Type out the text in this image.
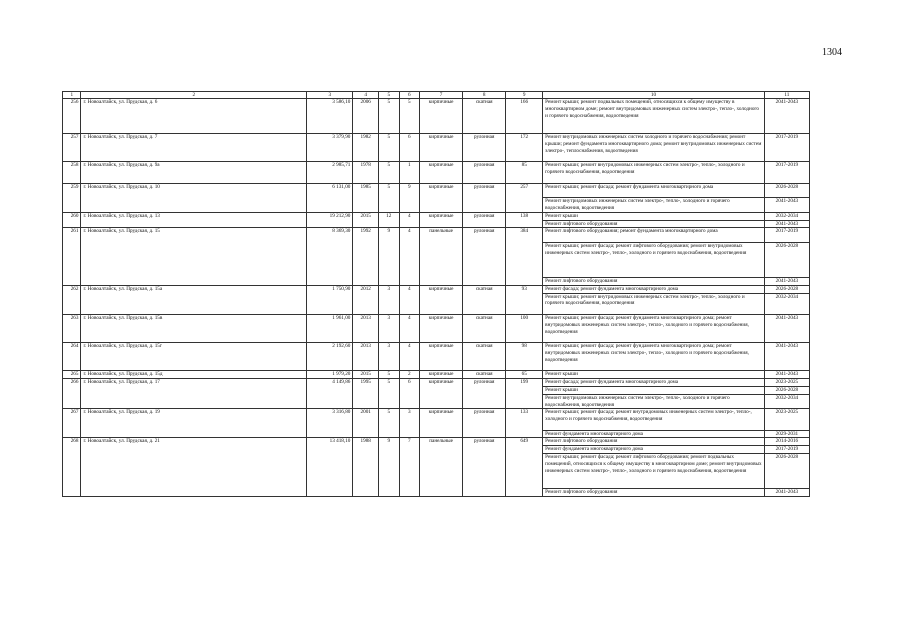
1304
1	2	3	4	5	6	7	8	9	10	11
256	г. Новоалтайск, ул. Прудская, д. 6	3 586,10	2006	5	5	кирпичные	скатная	166	Ремонт крыши; ремонт подвальных помещений, относящихся к общему имуществу в многоквартирном доме; ремонт внутридомовых инженерных систем электро-, тепло-, холодного и горячего водоснабжения, водоотведения	2041-2043
257	г. Новоалтайск, ул. Прудская, д. 7	3 379,90	1982	5	6	кирпичные	рулонная	172	Ремонт внутридомовых инженерных систем холодного и горячего водоснабжения; ремонт крыши; ремонт фундамента многоквартирного дома; ремонт внутридомовых инженерных систем электро-, теплоснабжения, водоотведения	2017-2019
258	г. Новоалтайск, ул. Прудская, д. 9а	2 985,71	1978	5	1	кирпичные	рулонная	85	Ремонт крыши; ремонт внутридомовых инженерных систем электро-, тепло-, холодного и горячего водоснабжения, водоотведения	2017-2019
259	г. Новоалтайск, ул. Прудская, д. 10	6 131,00	1985	5	9	кирпичные	рулонная	257	Ремонт крыши; ремонт фасада; ремонт фундамента многоквартирного дома	2026-2028
									Ремонт внутридомовых инженерных систем электро-, тепло-, холодного и горячего водоснабжения, водоотведения	2041-2043
260	г. Новоалтайск, ул. Прудская, д. 13	19 212,90	2015	12	4	кирпичные	рулонная	138	Ремонт крыши	2032-2034
									Ремонт лифтового оборудования	2041-2043
261	г. Новоалтайск, ул. Прудская, д. 15	8 369,30	1992	9	4	панельные	рулонная	384	Ремонт лифтового оборудования; ремонт фундамента многоквартирного дома	2017-2019
									Ремонт крыши; ремонт фасада; ремонт лифтового оборудования; ремонт внутридомовых инженерных систем электро-, тепло-, холодного и горячего водоснабжения, водоотведения	2026-2028
									Ремонт лифтового оборудования	2041-2043
262	г. Новоалтайск, ул. Прудская, д. 15а	1 750,90	2012	3	4	кирпичные	скатная	93	Ремонт фасада; ремонт фундамента многоквартирного дома	2026-2028
									Ремонт крыши; ремонт внутридомовых инженерных систем электро-, тепло-, холодного и горячего водоснабжения, водоотведения	2032-2034
263	г. Новоалтайск, ул. Прудская, д. 15в	1 961,00	2013	3	4	кирпичные	скатная	100	Ремонт крыши; ремонт фасада; ремонт фундамента многоквартирного дома; ремонт внутридомовых инженерных систем электро-, тепло-, холодного и горячего водоснабжения, водоотведения	2041-2043
264	г. Новоалтайск, ул. Прудская, д. 15г	2 192,60	2013	3	4	кирпичные	скатная	98	Ремонт крыши; ремонт фасада; ремонт фундамента многоквартирного дома; ремонт внутридомовых инженерных систем электро-, тепло-, холодного и горячего водоснабжения, водоотведения	2041-2043
265	г. Новоалтайск, ул. Прудская, д. 15д	1 979,20	2015	5	2	кирпичные	скатная	65	Ремонт крыши	2041-2043
266	г. Новоалтайск, ул. Прудская, д. 17	4 149,86	1995	5	6	кирпичные	рулонная	199	Ремонт фасада; ремонт фундамента многоквартирного дома	2023-2025
									Ремонт крыши	2026-2028
									Ремонт внутридомовых инженерных систем электро-, тепло-, холодного и горячего водоснабжения, водоотведения	2032-2034
267	г. Новоалтайск, ул. Прудская, д. 19	3 316,80	2001	5	3	кирпичные	рулонная	133	Ремонт крыши; ремонт фасада; ремонт внутридомовых инженерных систем электро-, тепло-, холодного и горячего водоснабжения, водоотведения	2023-2025
									Ремонт фундамента многоквартирного дома	2029-2031
268	г. Новоалтайск, ул. Прудская, д. 21	13 418,10	1988	9	7	панельные	рулонная	649	Ремонт лифтового оборудования	2014-2016
									Ремонт фундамента многоквартирного дома	2017-2019
									Ремонт крыши; ремонт фасада; ремонт лифтового оборудования; ремонт подвальных помещений, относящихся к общему имуществу в многоквартирном доме; ремонт внутридомовых инженерных систем электро-, тепло-, холодного и горячего водоснабжения, водоотведения	2026-2028
									Ремонт лифтового оборудования	2041-2043
